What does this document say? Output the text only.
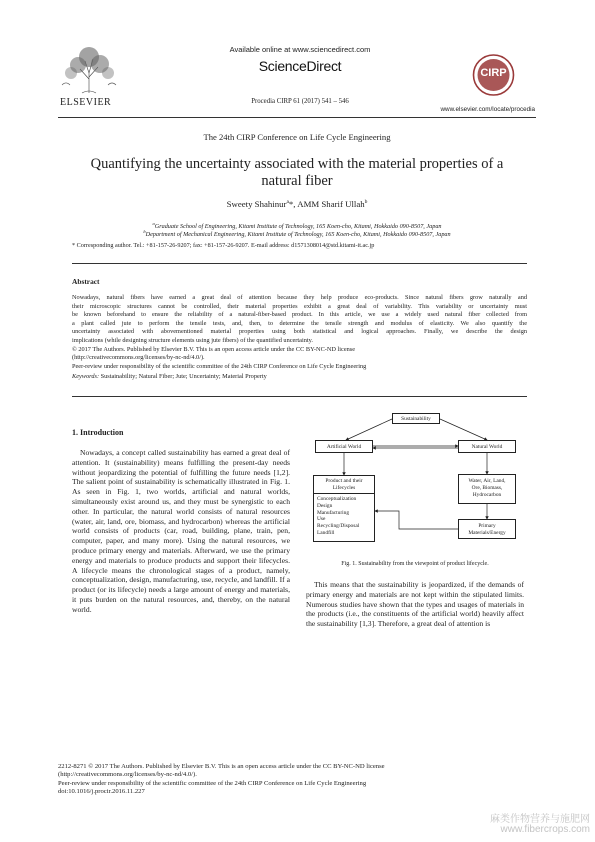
ELSEVIER
Available online at www.sciencedirect.com
ScienceDirect
Procedia CIRP 61 (2017) 541 – 546
CIRP
www.elsevier.com/locate/procedia
The 24th CIRP Conference on Life Cycle Engineering
Quantifying the uncertainty associated with the material properties of a
natural fiber
Sweety Shahinur$^a$*, AMM Sharif Ullah$^b$
$^a$Graduate School of Engineering, Kitami Institute of Technology, 165 Koen-cho, Kitami, Hokkaido 090-8507, Japan
$^b$Department of Mechanical Engineering, Kitami Institute of Technology, 165 Koen-cho, Kitami, Hokkaido 090-8507, Japan
* Corresponding author. Tel.: +81-157-26-9207; fax: +81-157-26-9207. E-mail address: d1571308014@std.kitami-it.ac.jp
Abstract
Nowadays, natural fibers have earned a great deal of attention because they help produce eco-products. Since natural fibers grow naturally and
their microscopic structures cannot be controlled, their material properties exhibit a great deal of variability. This variability or uncertainty must
be known beforehand to ensure the reliability of a natural-fiber-based product. In this article, we use a widely used natural fiber collected from
a plant called jute to perform the tensile tests, and, then, to determine the tensile strength and modulus of elasticity. We also quantify the
uncertainty associated with abovementioned material properties using both statistical and logical approaches. Finally, we describe the design
implications (while designing structure elements using jute fibers) of the quantified uncertainty.
© 2017 The Authors. Published by Elsevier B.V. This is an open access article under the CC BY-NC-ND license
(http://creativecommons.org/licenses/by-nc-nd/4.0/).
Peer-review under responsibility of the scientific committee of the 24th CIRP Conference on Life Cycle Engineering
Keywords: Sustainability; Natural Fiber; Jute; Uncertainty; Material Property
1. Introduction
Nowadays, a concept called sustainability has earned a great deal of attention. It (sustainability) means fulfilling the present-day needs without jeopardizing the potential of fulfilling the future needs [1,2]. The salient point of sustainability is schematically illustrated in Fig. 1. As seen in Fig. 1, two worlds, artificial and natural worlds, simultaneously exist around us, and they must be synergistic to each other. In particular, the natural world consists of natural resources (water, air, land, ore, biomass, and hydrocarbon) whereas the artificial world consists of products (car, road, building, plane, train, pen, computer, paper, and many more). Using the natural resources, we produce primary energy and materials. Afterward, we use the primary energy and materials to produce products and support their lifecycles. A lifecycle means the chronological stages of a product, namely, conceptualization, design, manufacturing, use, recycle, and landfill. If a product (or its lifecycle) needs a large amount of energy and materials, it puts burden on the natural resources, and, thereby, on the natural world.
Sustainability
Artificial World	Natural World
Product and their Lifecycles
Conceptualization
Design
Manufacturing
Use
Recycling/Disposal
Landfill
Water, Air, Land, Ore, Biomass, Hydrocarbon
Primary Materials/Energy
Fig. 1. Sustainability from the viewpoint of product lifecycle.
This means that the sustainability is jeopardized, if the demands of primary energy and materials are not kept within the stipulated limits. Numerous studies have shown that the types and usages of materials in the products (i.e., the constituents of the artificial world) heavily affect the sustainability [1,3]. Therefore, a great deal of attention is
2212-8271 © 2017 The Authors. Published by Elsevier B.V. This is an open access article under the CC BY-NC-ND license
(http://creativecommons.org/licenses/by-nc-nd/4.0/).
Peer-review under responsibility of the scientific committee of the 24th CIRP Conference on Life Cycle Engineering
doi:10.1016/j.procir.2016.11.227
麻类作物营养与施肥网
www.fibercrops.com
